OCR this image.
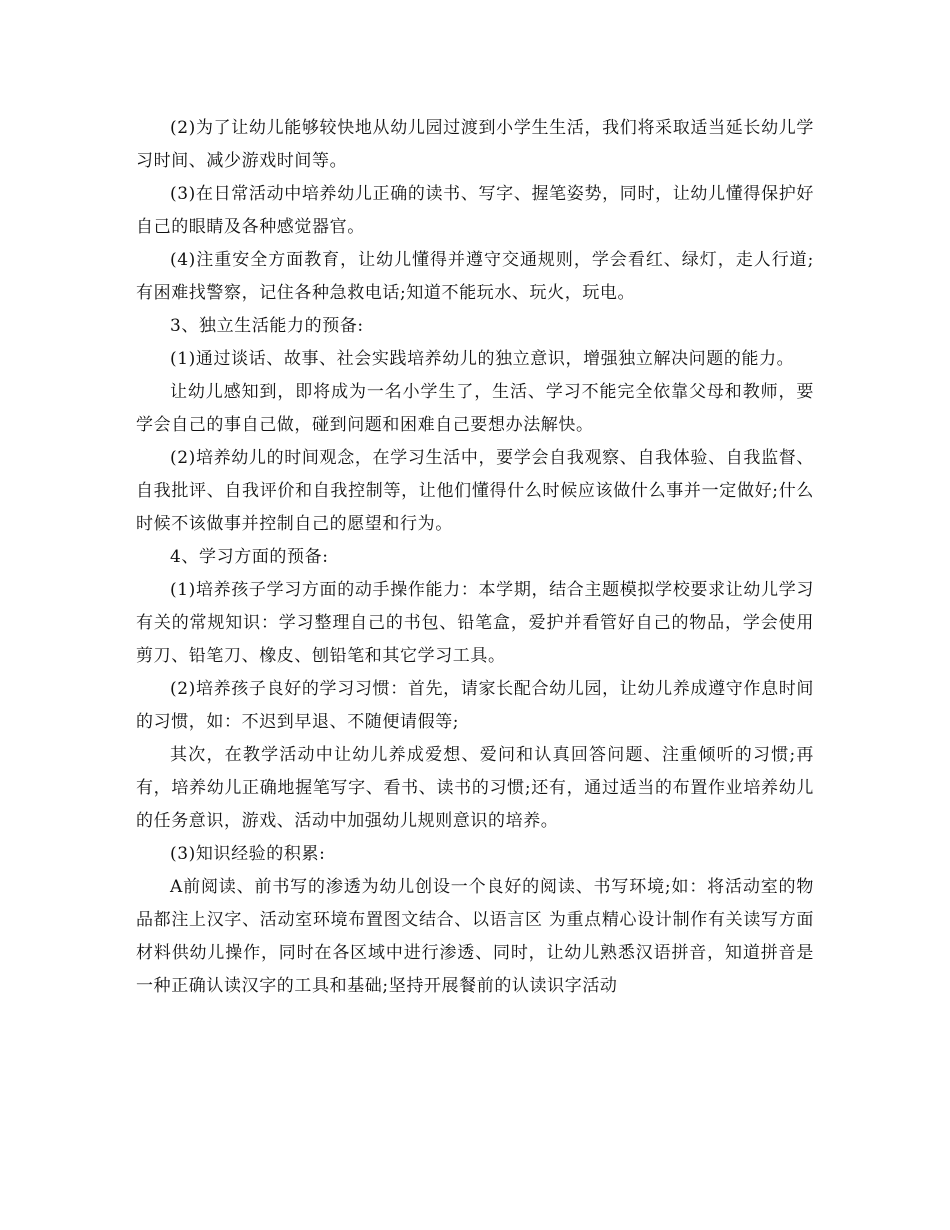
(2)为了让幼儿能够较快地从幼儿园过渡到小学生生活，我们将采取适当延长幼儿学习时间、减少游戏时间等。

(3)在日常活动中培养幼儿正确的读书、写字、握笔姿势，同时，让幼儿懂得保护好自己的眼睛及各种感觉器官。

(4)注重安全方面教育，让幼儿懂得并遵守交通规则，学会看红、绿灯，走人行道;有困难找警察，记住各种急救电话;知道不能玩水、玩火，玩电。

3、独立生活能力的预备:

(1)通过谈话、故事、社会实践培养幼儿的独立意识，增强独立解决问题的能力。

让幼儿感知到，即将成为一名小学生了，生活、学习不能完全依靠父母和教师，要学会自己的事自己做，碰到问题和困难自己要想办法解快。

(2)培养幼儿的时间观念，在学习生活中，要学会自我观察、自我体验、自我监督、自我批评、自我评价和自我控制等，让他们懂得什么时候应该做什么事并一定做好;什么时候不该做事并控制自己的愿望和行为。

4、学习方面的预备:

(1)培养孩子学习方面的动手操作能力：本学期，结合主题模拟学校要求让幼儿学习有关的常规知识：学习整理自己的书包、铅笔盒，爱护并看管好自己的物品，学会使用剪刀、铅笔刀、橡皮、刨铅笔和其它学习工具。

(2)培养孩子良好的学习习惯：首先，请家长配合幼儿园，让幼儿养成遵守作息时间的习惯，如：不迟到早退、不随便请假等;

其次，在教学活动中让幼儿养成爱想、爱问和认真回答问题、注重倾听的习惯;再有，培养幼儿正确地握笔写字、看书、读书的习惯;还有，通过适当的布置作业培养幼儿的任务意识，游戏、活动中加强幼儿规则意识的培养。

(3)知识经验的积累:

A前阅读、前书写的渗透为幼儿创设一个良好的阅读、书写环境;如：将活动室的物品都注上汉字、活动室环境布置图文结合、以语言区 为重点精心设计制作有关读写方面材料供幼儿操作，同时在各区域中进行渗透、同时，让幼儿熟悉汉语拼音，知道拼音是一种正确认读汉字的工具和基础;坚持开展餐前的认读识字活动
